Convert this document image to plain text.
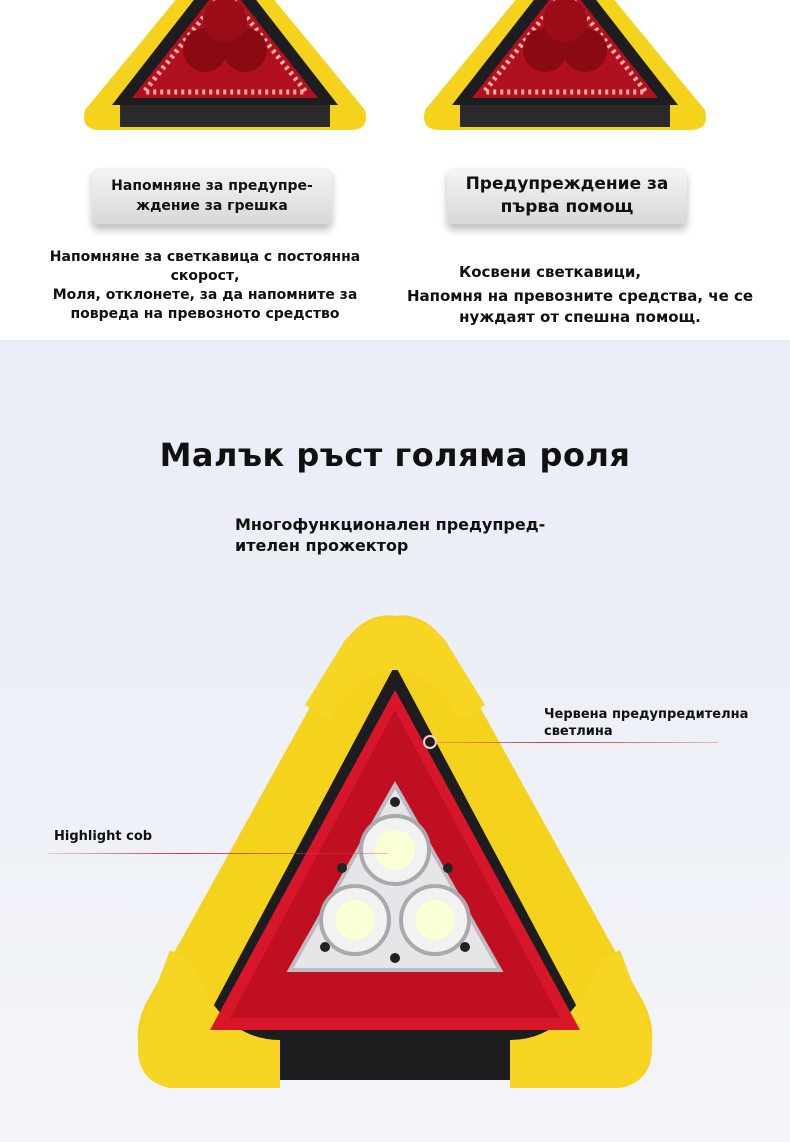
Напомняне за предупре-ждение за грешка
Предупреждение за първа помощ
Напомняне за светкавица с постоянна скорост,
Моля, отклонете, за да напомните за повреда на превозното средство
Косвени светкавици,
Напомня на превозните средства, че се нуждаят от спешна помощ.
Малък ръст голяма роля
Многофункционален предупред-ителен прожектор
Червена предупредителна светлина
Highlight cob
